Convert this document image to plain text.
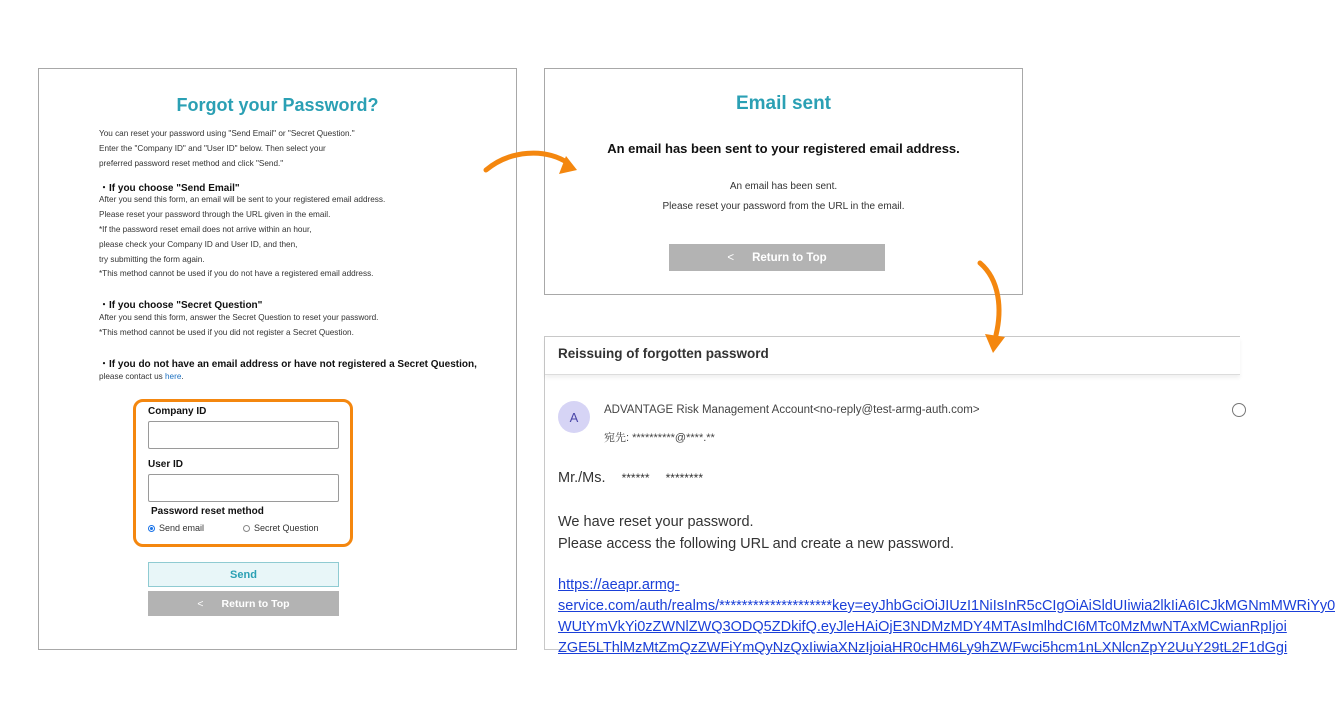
Forgot your Password?
You can reset your password using "Send Email" or "Secret Question."
Enter the "Company ID" and "User ID" below. Then select your
preferred password reset method and click "Send."
・If you choose "Send Email"
After you send this form, an email will be sent to your registered email address.
Please reset your password through the URL given in the email.
*If the password reset email does not arrive within an hour,
please check your Company ID and User ID, and then,
try submitting the form again.
*This method cannot be used if you do not have a registered email address.
・If you choose "Secret Question"
After you send this form, answer the Secret Question to reset your password.
*This method cannot be used if you did not register a Secret Question.
・If you do not have an email address or have not registered a Secret Question,
please contact us here.
Company ID
User ID
Password reset method
Send email	Secret Question
Send
< Return to Top
Email sent
An email has been sent to your registered email address.
An email has been sent.
Please reset your password from the URL in the email.
< Return to Top
Reissuing of forgotten password
A	ADVANTAGE Risk Management Account<no-reply@test-armg-auth.com>
宛先: **********@****.**
Mr./Ms. ****** ********
We have reset your password.
Please access the following URL and create a new password.
https://aeapr.armg-
service.com/auth/realms/********************key=eyJhbGciOiJIUzI1NiIsInR5cCIgOiAiSldUIiwia2lkIiA6ICJkMGNmMWRiYy0
WUtYmVkYi0zZWNlZWQ3ODQ5ZDkifQ.eyJleHAiOjE3NDMzMDY4MTAsImlhdCI6MTc0MzMwNTAxMCwianRpIjoi
ZGE5LThlMzMtZmQzZWFiYmQyNzQxIiwiaXNzIjoiaHR0cHM6Ly9hZWFwci5hcm1nLXNlcnZpY2UuY29tL2F1dGgi
